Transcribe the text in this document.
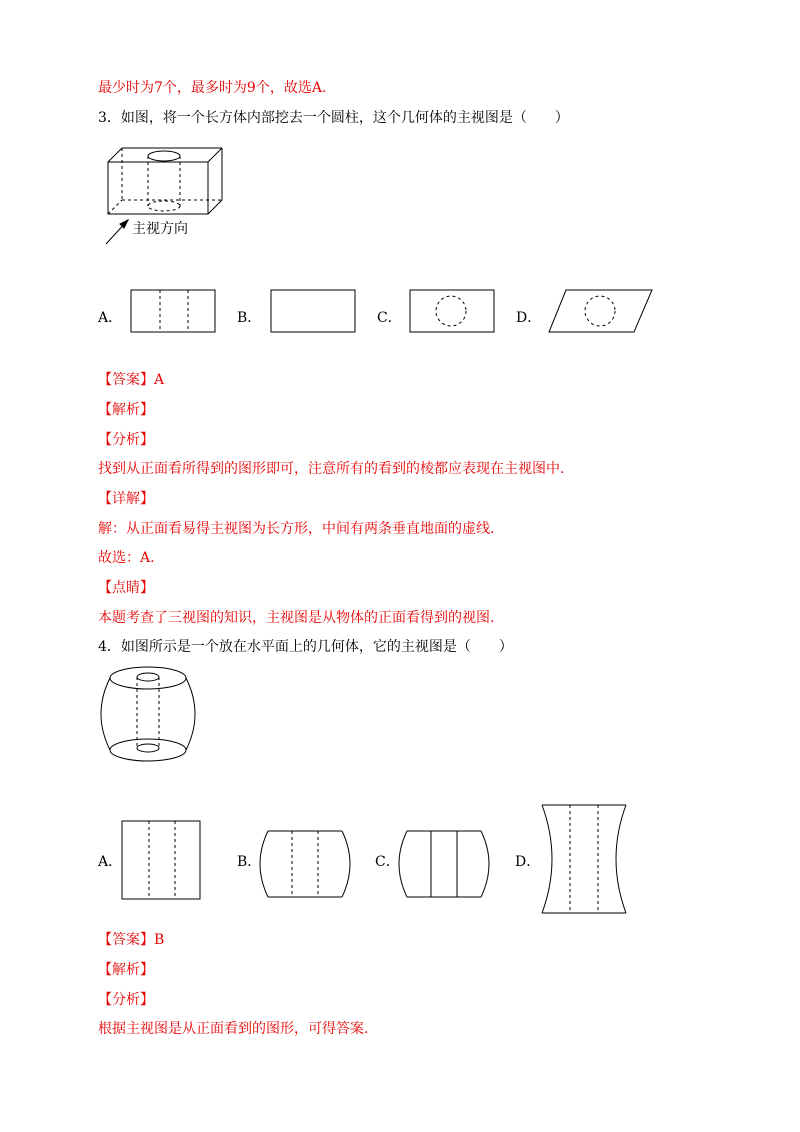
最少时为7个，最多时为9个，故选A.
3．如图，将一个长方体内部挖去一个圆柱，这个几何体的主视图是（　　）
主视方向
A．	B．	C．	D．
【答案】A
【解析】
【分析】
找到从正面看所得到的图形即可，注意所有的看到的棱都应表现在主视图中.
【详解】
解：从正面看易得主视图为长方形，中间有两条垂直地面的虚线.
故选：A.
【点睛】
本题考查了三视图的知识，主视图是从物体的正面看得到的视图.
4．如图所示是一个放在水平面上的几何体，它的主视图是（　　）
A．	B．	C．	D．
【答案】B
【解析】
【分析】
根据主视图是从正面看到的图形，可得答案.
